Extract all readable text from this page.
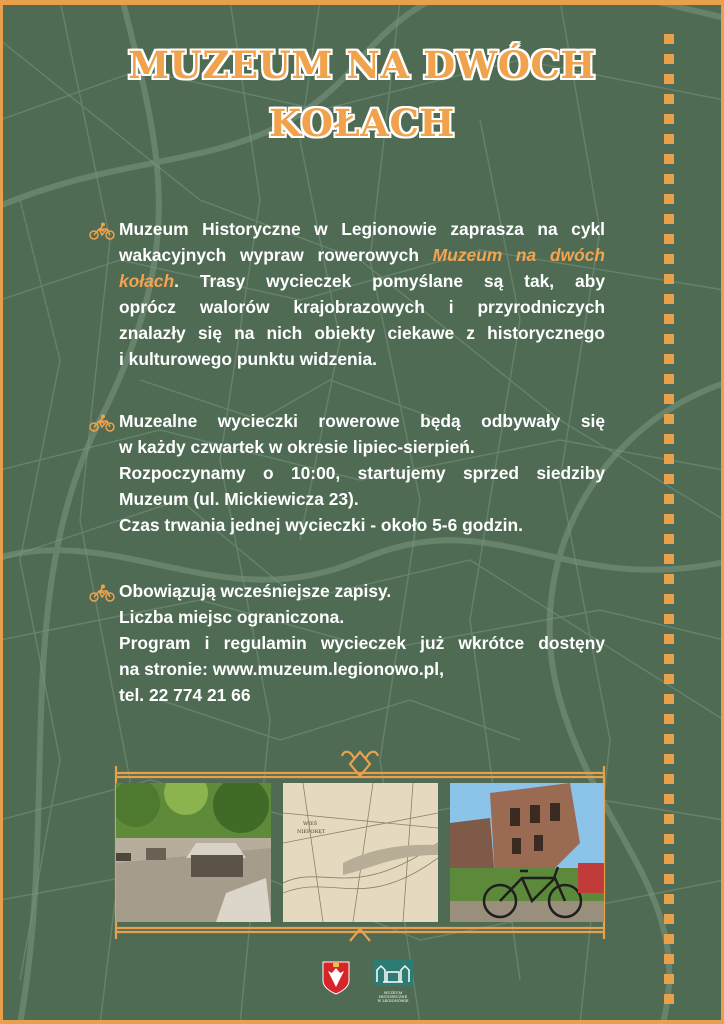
MUZEUM NA DWÓCH
KOŁACH
Muzeum Historyczne w Legionowie zaprasza na cykl
wakacyjnych wypraw rowerowych Muzeum na dwóch
kołach. Trasy wycieczek pomyślane są tak, aby
oprócz walorów krajobrazowych i przyrodniczych
znalazły się na nich obiekty ciekawe z historycznego
i kulturowego punktu widzenia.
Muzealne wycieczki rowerowe będą odbywały się
w każdy czwartek w okresie lipiec-sierpień.
Rozpoczynamy o 10:00, startujemy sprzed siedziby
Muzeum (ul. Mickiewicza 23).
Czas trwania jednej wycieczki - około 5-6 godzin.
Obowiązują wcześniejsze zapisy.
Liczba miejsc ograniczona.
Program i regulamin wycieczek już wkrótce dostęny
na stronie: www.muzeum.legionowo.pl,
tel. 22 774 21 66
WIEŚ
NIEPORĘT
MUZEUM
HISTORYCZNE
W LEGIONOWIE
